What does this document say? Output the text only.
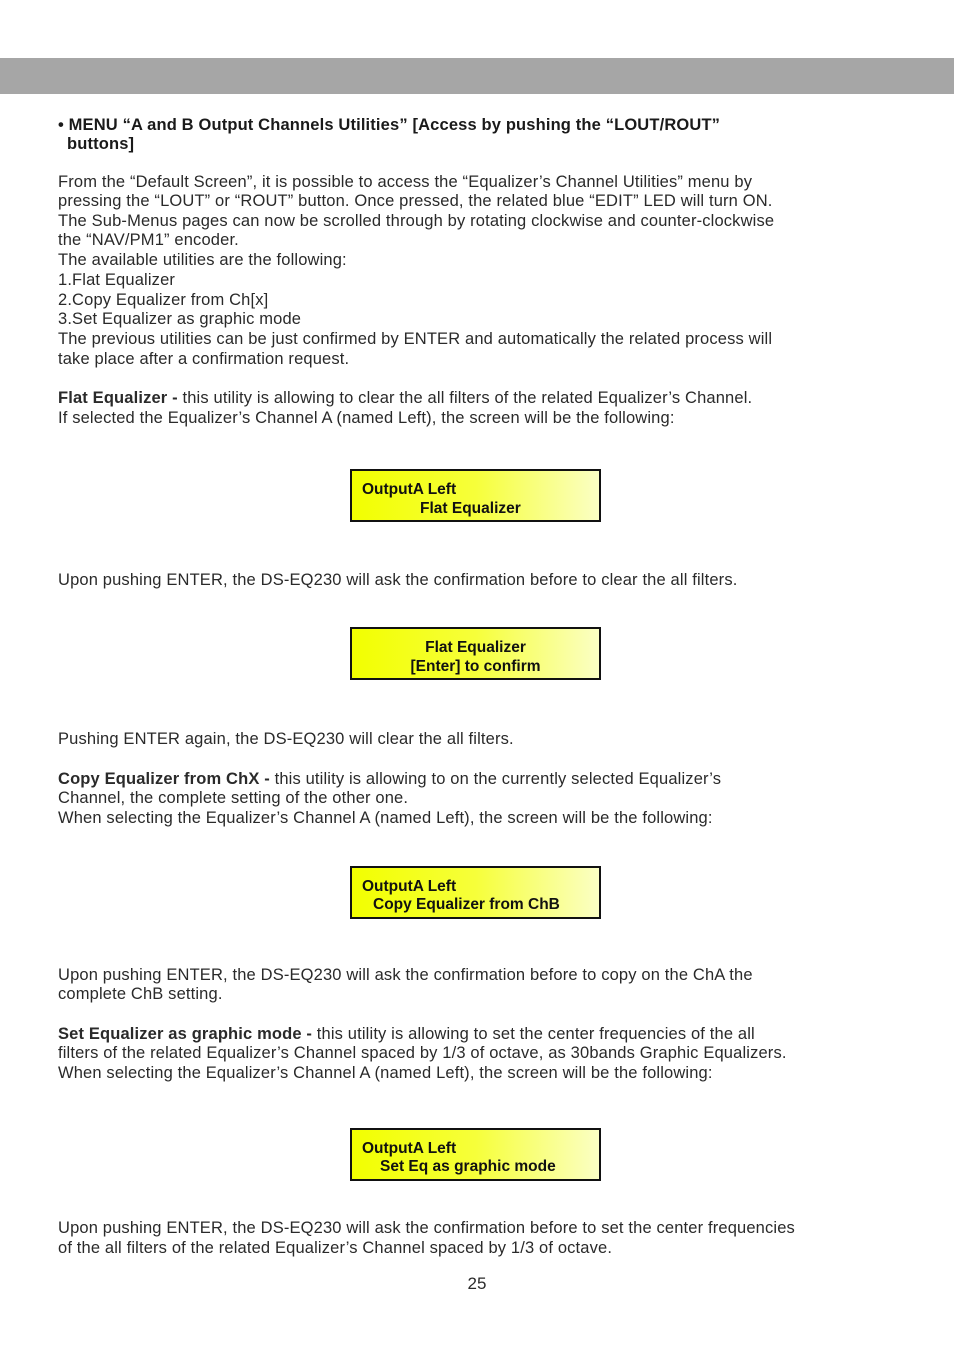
• MENU “A and B Output Channels Utilities” [Access by pushing the “LOUT/ROUT”
buttons]
From the “Default Screen”, it is possible to access the “Equalizer’s Channel Utilities” menu by
pressing the “LOUT” or “ROUT” button. Once pressed, the related blue “EDIT” LED will turn ON.
The Sub-Menus pages can now be scrolled through by rotating clockwise and counter-clockwise
the “NAV/PM1” encoder.
The available utilities are the following:
1.Flat Equalizer
2.Copy Equalizer from Ch[x]
3.Set Equalizer as graphic mode
The previous utilities can be just confirmed by ENTER and automatically the related process will
take place after a confirmation request.
Flat Equalizer - this utility is allowing to clear the all filters of the related Equalizer’s Channel.
If selected the Equalizer’s Channel A (named Left), the screen will be the following:
OutputA Left
Flat Equalizer
Upon pushing ENTER, the DS-EQ230 will ask the confirmation before to clear the all filters.
Flat Equalizer
[Enter] to confirm
Pushing ENTER again, the DS-EQ230 will clear the all filters.
Copy Equalizer from ChX - this utility is allowing to on the currently selected Equalizer’s
Channel, the complete setting of the other one.
When selecting the Equalizer’s Channel A (named Left), the screen will be the following:
OutputA Left
Copy Equalizer from ChB
Upon pushing ENTER, the DS-EQ230 will ask the confirmation before to copy on the ChA the
complete ChB setting.
Set Equalizer as graphic mode - this utility is allowing to set the center frequencies of the all
filters of the related Equalizer’s Channel spaced by 1/3 of octave, as 30bands Graphic Equalizers.
When selecting the Equalizer’s Channel A (named Left), the screen will be the following:
OutputA Left
Set Eq as graphic mode
Upon pushing ENTER, the DS-EQ230 will ask the confirmation before to set the center frequencies
of the all filters of the related Equalizer’s Channel spaced by 1/3 of octave.
25
